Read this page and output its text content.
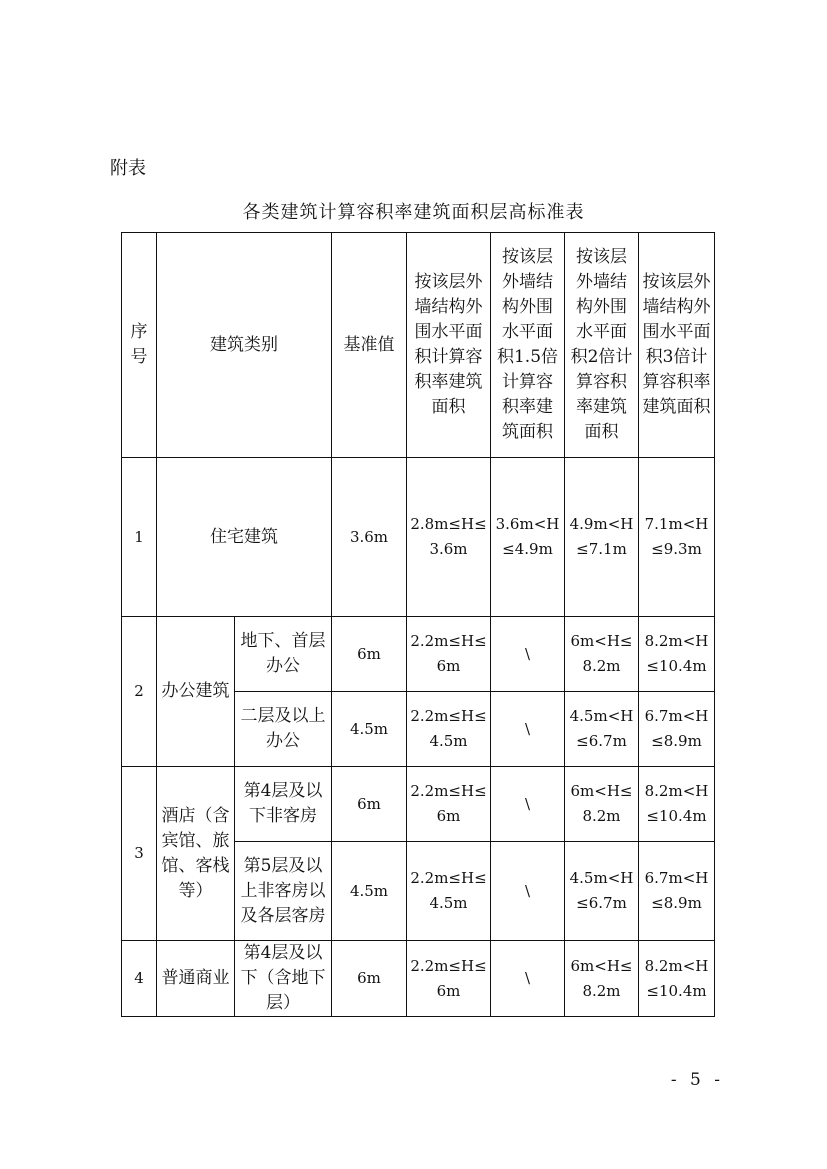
附表
各类建筑计算容积率建筑面积层高标准表
序号	建筑类别		基准值	按该层外墙结构外围水平面积计算容积率建筑面积	按该层外墙结构外围水平面积1.5倍计算容积率建筑面积	按该层外墙结构外围水平面积2倍计算容积率建筑面积	按该层外墙结构外围水平面积3倍计算容积率建筑面积
1	住宅建筑		3.6m	2.8m≤H≤3.6m	3.6m<H≤4.9m	4.9m<H≤7.1m	7.1m<H≤9.3m
2	办公建筑	地下、首层办公	6m	2.2m≤H≤6m	\	6m<H≤8.2m	8.2m<H≤10.4m
		二层及以上办公	4.5m	2.2m≤H≤4.5m	\	4.5m<H≤6.7m	6.7m<H≤8.9m
3	酒店（含宾馆、旅馆、客栈等）	第4层及以下非客房	6m	2.2m≤H≤6m	\	6m<H≤8.2m	8.2m<H≤10.4m
		第5层及以上非客房以及各层客房	4.5m	2.2m≤H≤4.5m	\	4.5m<H≤6.7m	6.7m<H≤8.9m
4	普通商业	第4层及以下（含地下层）	6m	2.2m≤H≤6m	\	6m<H≤8.2m	8.2m<H≤10.4m
- 5 -
